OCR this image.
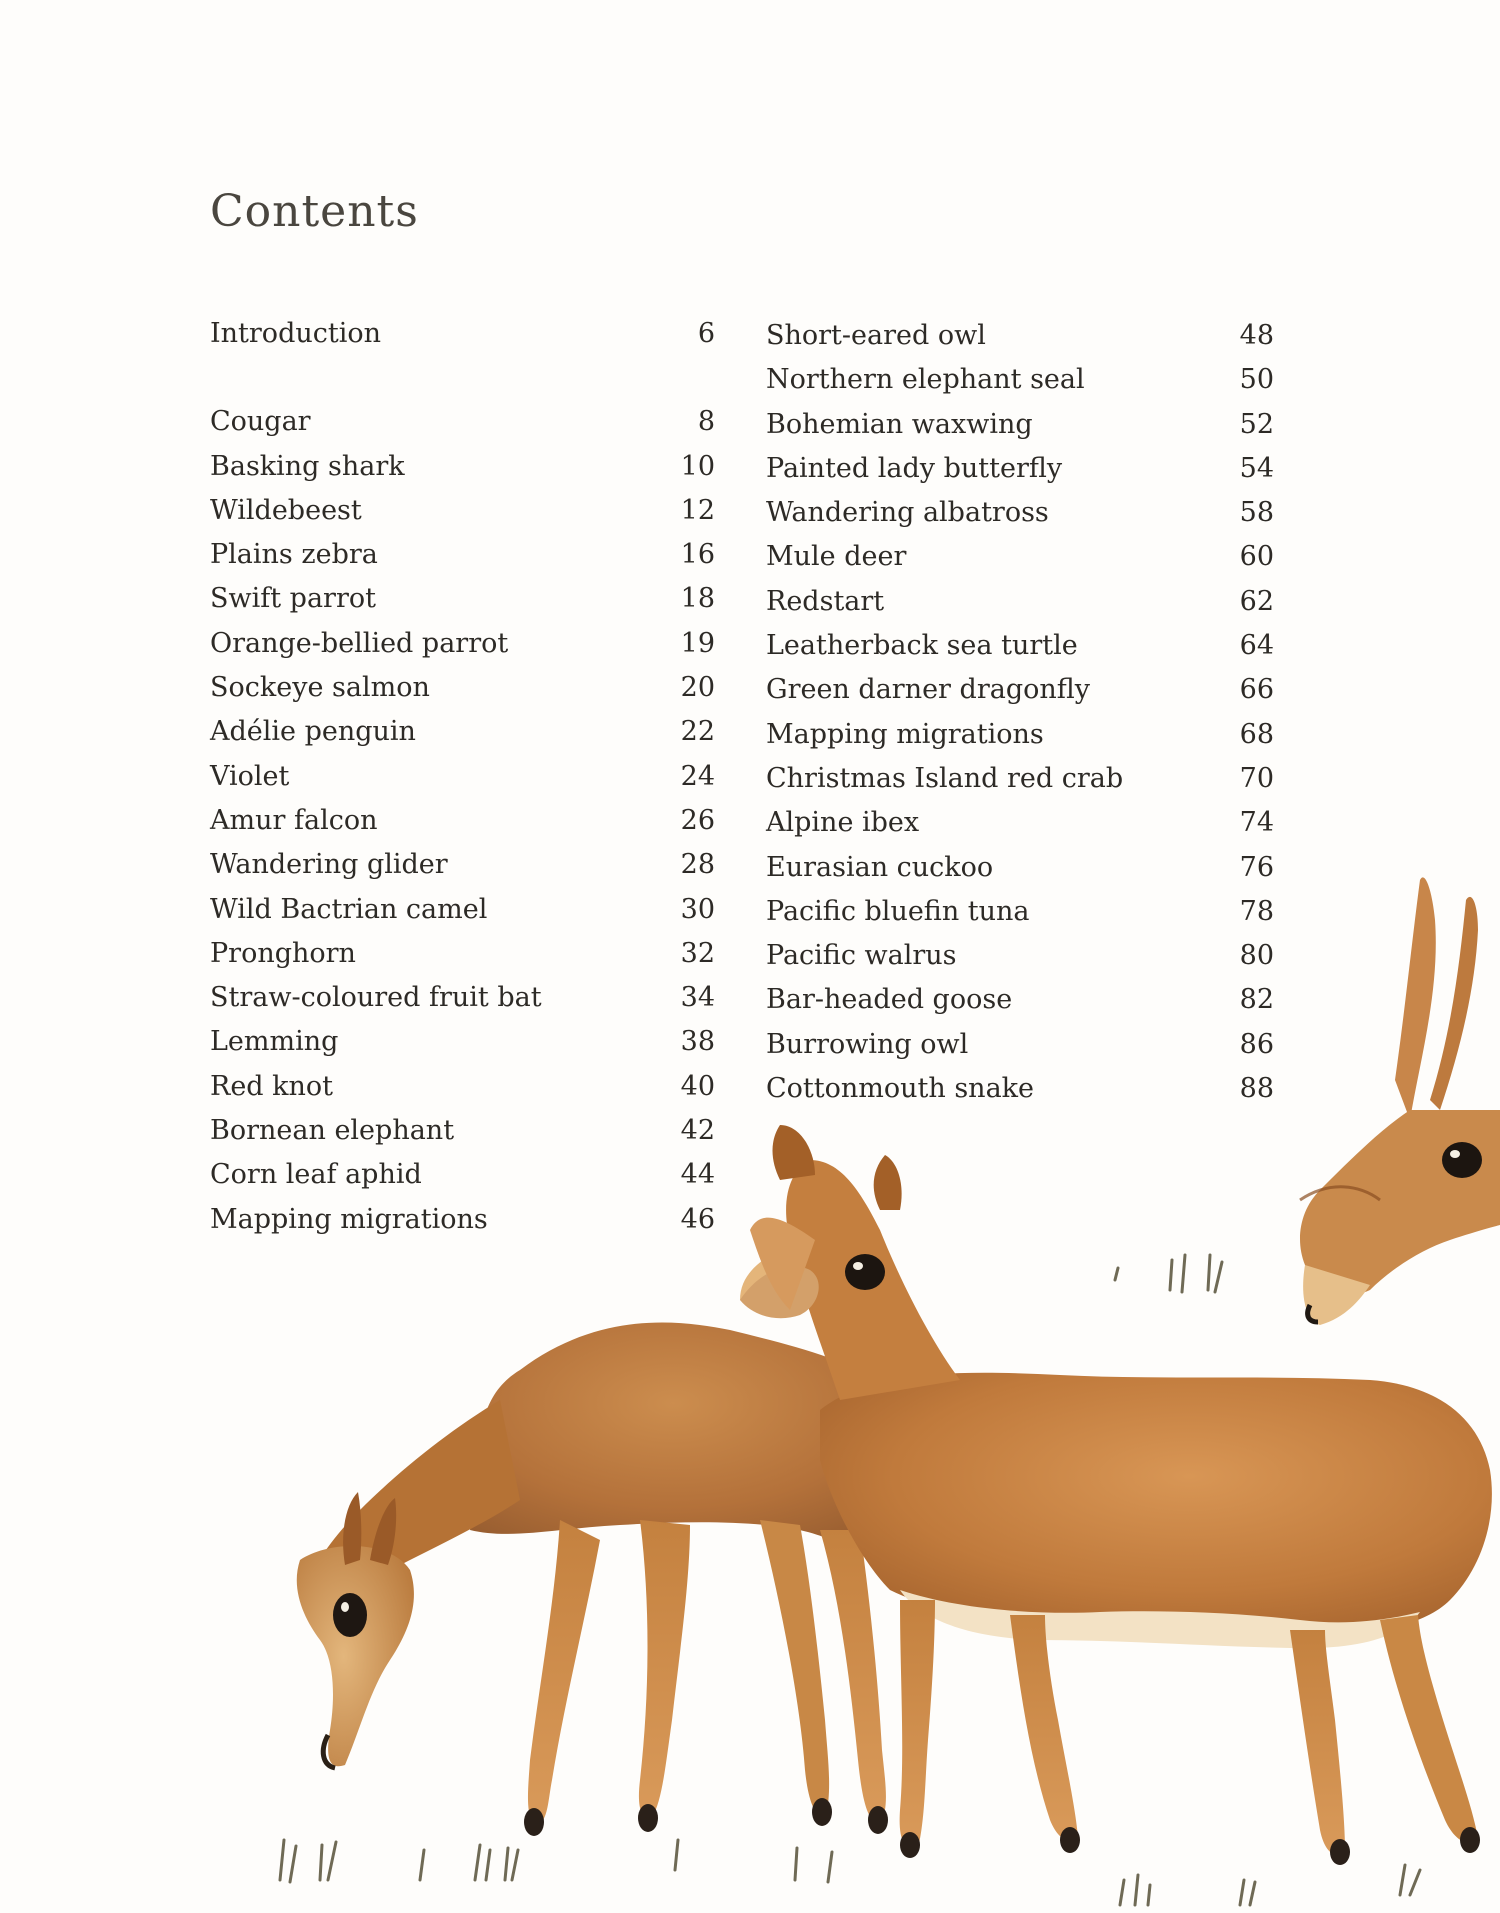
Contents
Introduction	6
Cougar	8
Basking shark	10
Wildebeest	12
Plains zebra	16
Swift parrot	18
Orange-bellied parrot	19
Sockeye salmon	20
Adélie penguin	22
Violet	24
Amur falcon	26
Wandering glider	28
Wild Bactrian camel	30
Pronghorn	32
Straw-coloured fruit bat	34
Lemming	38
Red knot	40
Bornean elephant	42
Corn leaf aphid	44
Mapping migrations	46
Short-eared owl	48
Northern elephant seal	50
Bohemian waxwing	52
Painted lady butterfly	54
Wandering albatross	58
Mule deer	60
Redstart	62
Leatherback sea turtle	64
Green darner dragonfly	66
Mapping migrations	68
Christmas Island red crab	70
Alpine ibex	74
Eurasian cuckoo	76
Pacific bluefin tuna	78
Pacific walrus	80
Bar-headed goose	82
Burrowing owl	86
Cottonmouth snake	88
